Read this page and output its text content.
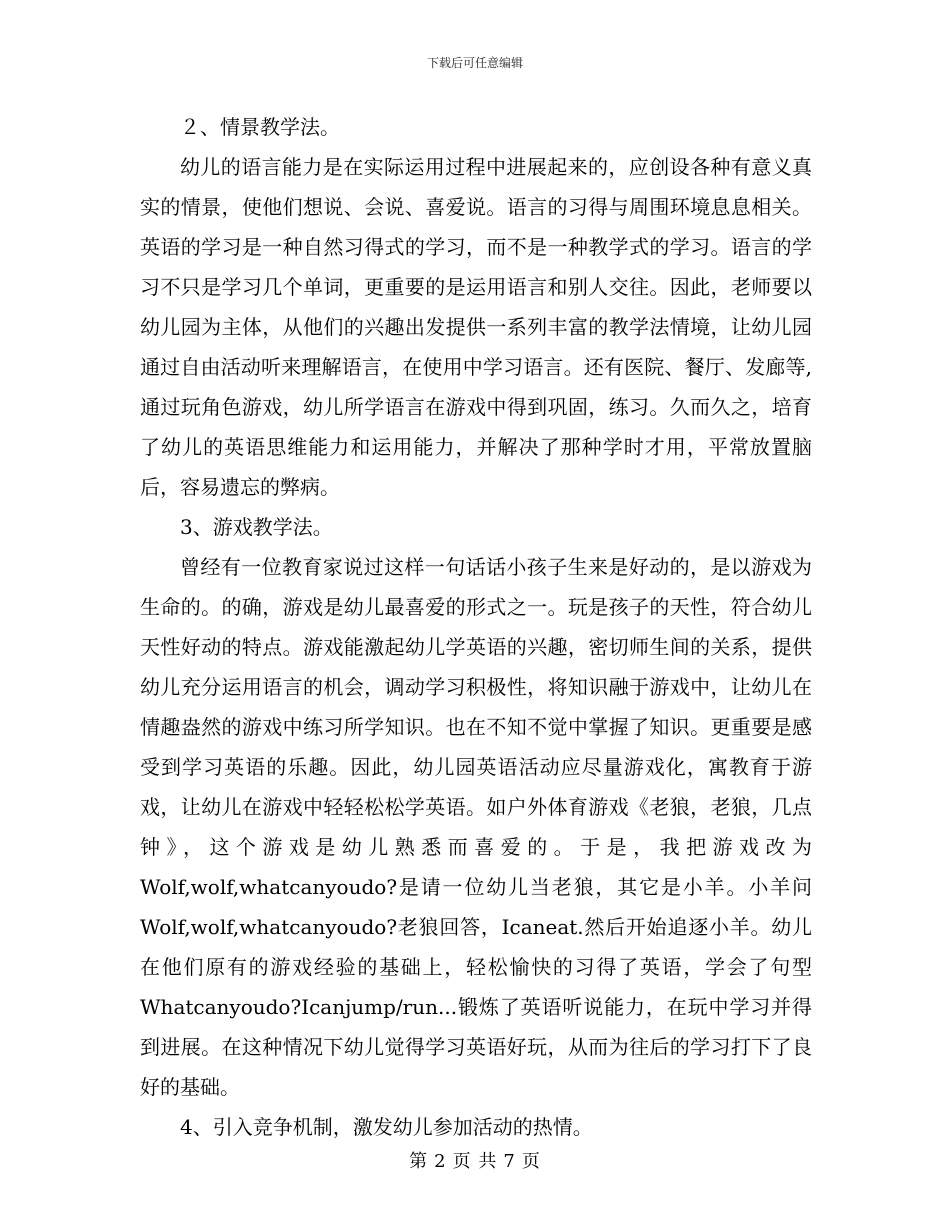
下载后可任意编辑

２、情景教学法。

幼儿的语言能力是在实际运用过程中进展起来的，应创设各种有意义真实的情景，使他们想说、会说、喜爱说。语言的习得与周围环境息息相关。英语的学习是一种自然习得式的学习，而不是一种教学式的学习。语言的学习不只是学习几个单词，更重要的是运用语言和别人交往。因此，老师要以幼儿园为主体，从他们的兴趣出发提供一系列丰富的教学法情境，让幼儿园通过自由活动听来理解语言，在使用中学习语言。还有医院、餐厅、发廊等,通过玩角色游戏，幼儿所学语言在游戏中得到巩固，练习。久而久之，培育了幼儿的英语思维能力和运用能力，并解决了那种学时才用，平常放置脑后，容易遗忘的弊病。

3、游戏教学法。

曾经有一位教育家说过这样一句话话小孩子生来是好动的，是以游戏为生命的。的确，游戏是幼儿最喜爱的形式之一。玩是孩子的天性，符合幼儿天性好动的特点。游戏能激起幼儿学英语的兴趣，密切师生间的关系，提供幼儿充分运用语言的机会，调动学习积极性，将知识融于游戏中，让幼儿在情趣盎然的游戏中练习所学知识。也在不知不觉中掌握了知识。更重要是感受到学习英语的乐趣。因此，幼儿园英语活动应尽量游戏化，寓教育于游戏，让幼儿在游戏中轻轻松松学英语。如户外体育游戏《老狼，老狼，几点钟》，这个游戏是幼儿熟悉而喜爱的。于是，我把游戏改为Wolf,wolf,whatcanyoudo?是请一位幼儿当老狼，其它是小羊。小羊问Wolf,wolf,whatcanyoudo?老狼回答，Icaneat.然后开始追逐小羊。幼儿在他们原有的游戏经验的基础上，轻松愉快的习得了英语，学会了句型Whatcanyoudo?Icanjump/run...锻炼了英语听说能力，在玩中学习并得到进展。在这种情况下幼儿觉得学习英语好玩，从而为往后的学习打下了良好的基础。

4、引入竞争机制，激发幼儿参加活动的热情。

第 2 页 共 7 页
